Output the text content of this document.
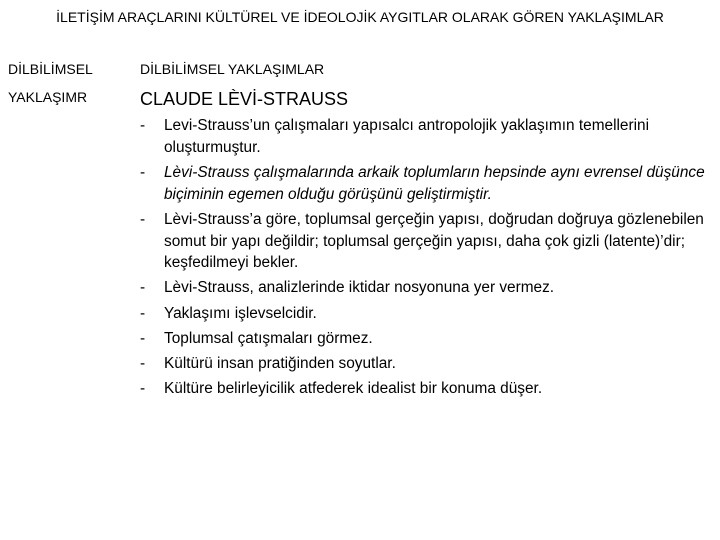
İLETİŞİM ARAÇLARINI KÜLTÜREL VE İDEOLOJİK AYGITLAR OLARAK GÖREN YAKLAŞIMLAR
DİLBİLİMSEL
YAKLAŞIMR
DİLBİLİMSEL YAKLAŞIMLAR
CLAUDE LÈVİ-STRAUSS
- Levi-Strauss’un çalışmaları yapısalcı antropolojik yaklaşımın temellerini oluşturmuştur.
- Lèvi-Strauss çalışmalarında arkaik toplumların hepsinde aynı evrensel düşünce biçiminin egemen olduğu görüşünü geliştirmiştir.
- Lèvi-Strauss’a göre, toplumsal gerçeğin yapısı, doğrudan doğruya gözlenebilen somut bir yapı değildir; toplumsal gerçeğin yapısı, daha çok gizli (latente)’dir; keşfedilmeyi bekler.
- Lèvi-Strauss, analizlerinde iktidar nosyonuna yer vermez.
- Yaklaşımı işlevselcidir.
- Toplumsal çatışmaları görmez.
- Kültürü insan pratiğinden soyutlar.
- Kültüre belirleyicilik atfederek idealist bir konuma düşer.
